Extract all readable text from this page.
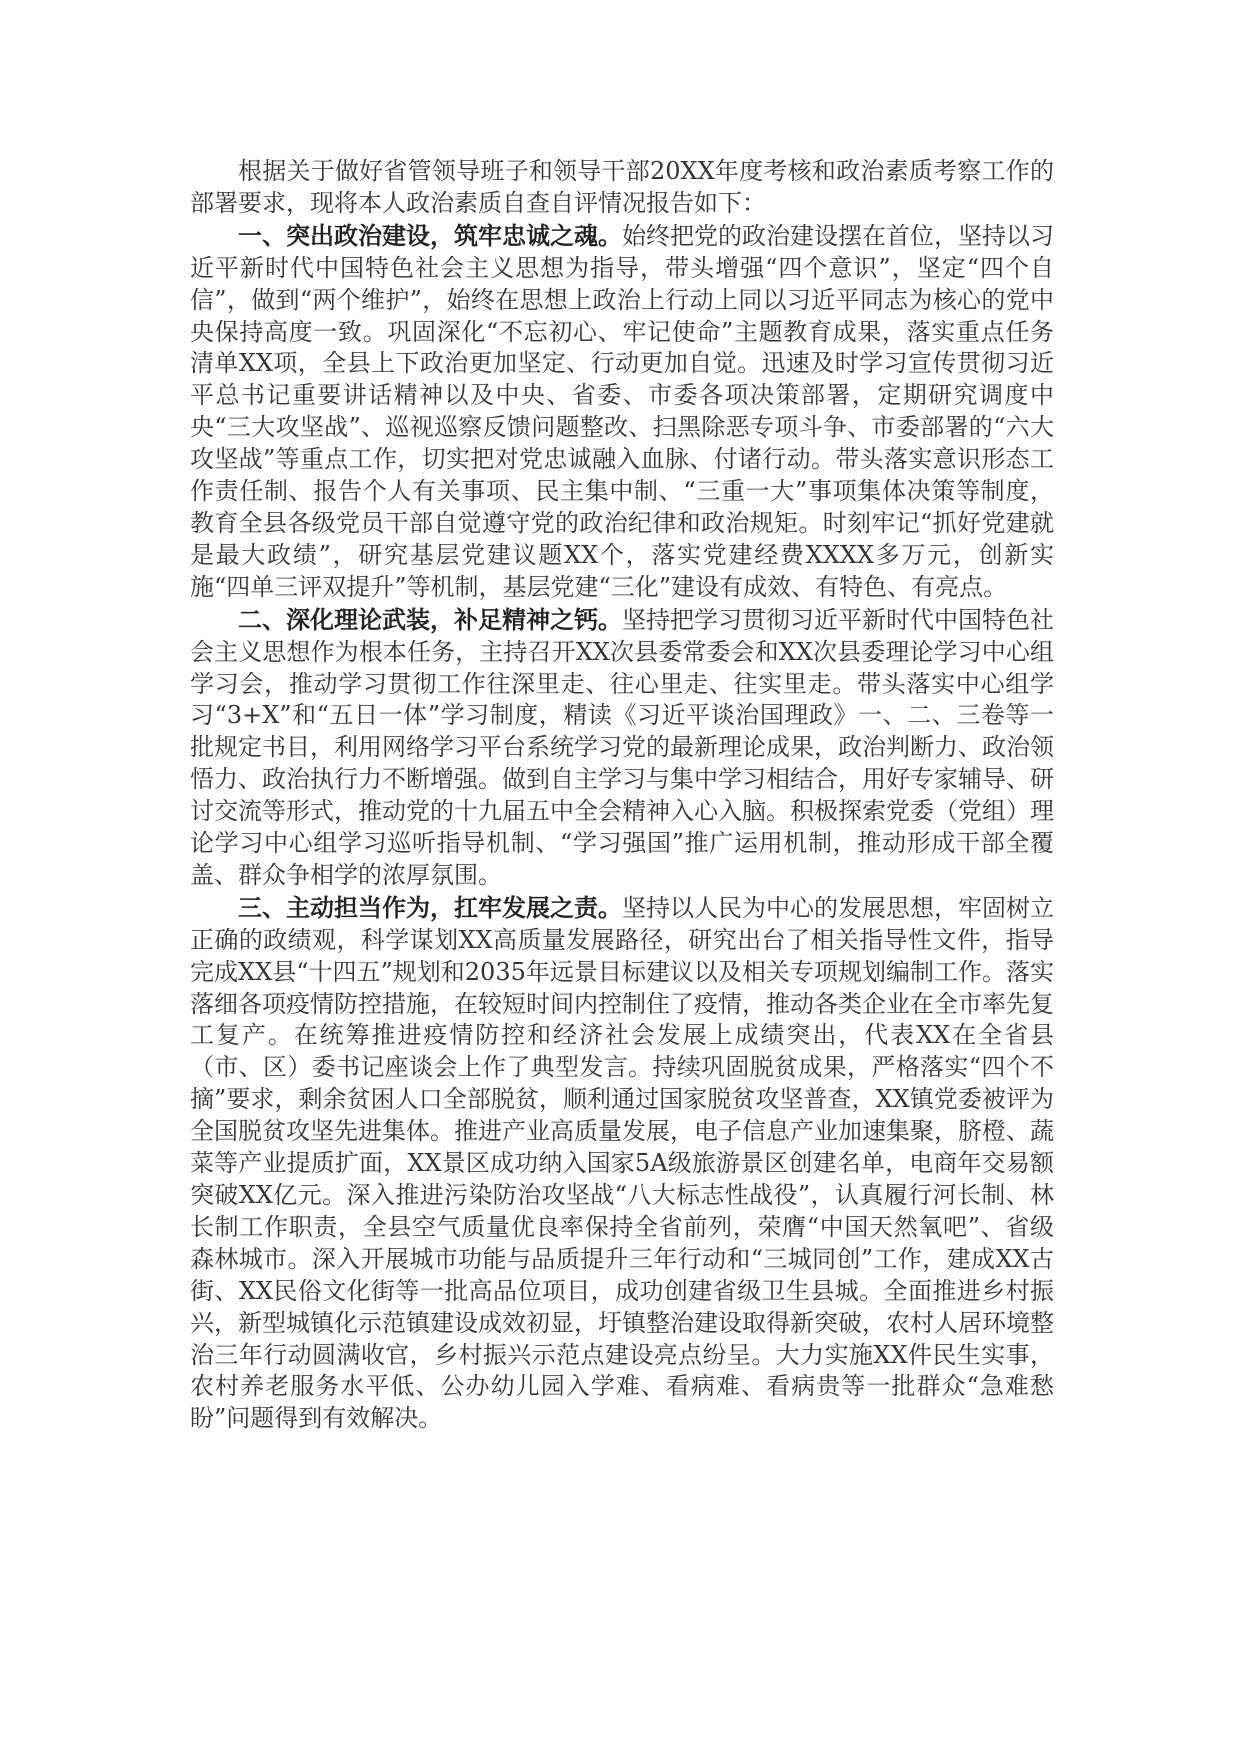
根据关于做好省管领导班子和领导干部20XX年度考核和政治素质考察工作的部署要求，现将本人政治素质自查自评情况报告如下：

一、突出政治建设，筑牢忠诚之魂。始终把党的政治建设摆在首位，坚持以习近平新时代中国特色社会主义思想为指导，带头增强“四个意识”，坚定“四个自信”，做到“两个维护”，始终在思想上政治上行动上同以习近平同志为核心的党中央保持高度一致。巩固深化“不忘初心、牢记使命”主题教育成果，落实重点任务清单XX项，全县上下政治更加坚定、行动更加自觉。迅速及时学习宣传贯彻习近平总书记重要讲话精神以及中央、省委、市委各项决策部署，定期研究调度中央“三大攻坚战”、巡视巡察反馈问题整改、扫黑除恶专项斗争、市委部署的“六大攻坚战”等重点工作，切实把对党忠诚融入血脉、付诸行动。带头落实意识形态工作责任制、报告个人有关事项、民主集中制、“三重一大”事项集体决策等制度，教育全县各级党员干部自觉遵守党的政治纪律和政治规矩。时刻牢记“抓好党建就是最大政绩”，研究基层党建议题XX个，落实党建经费XXXX多万元，创新实施“四单三评双提升”等机制，基层党建“三化”建设有成效、有特色、有亮点。

二、深化理论武装，补足精神之钙。坚持把学习贯彻习近平新时代中国特色社会主义思想作为根本任务，主持召开XX次县委常委会和XX次县委理论学习中心组学习会，推动学习贯彻工作往深里走、往心里走、往实里走。带头落实中心组学习“3+X”和“五日一体”学习制度，精读《习近平谈治国理政》一、二、三卷等一批规定书目，利用网络学习平台系统学习党的最新理论成果，政治判断力、政治领悟力、政治执行力不断增强。做到自主学习与集中学习相结合，用好专家辅导、研讨交流等形式，推动党的十九届五中全会精神入心入脑。积极探索党委（党组）理论学习中心组学习巡听指导机制、“学习强国”推广运用机制，推动形成干部全覆盖、群众争相学的浓厚氛围。

三、主动担当作为，扛牢发展之责。坚持以人民为中心的发展思想，牢固树立正确的政绩观，科学谋划XX高质量发展路径，研究出台了相关指导性文件，指导完成XX县“十四五”规划和2035年远景目标建议以及相关专项规划编制工作。落实落细各项疫情防控措施，在较短时间内控制住了疫情，推动各类企业在全市率先复工复产。在统筹推进疫情防控和经济社会发展上成绩突出，代表XX在全省县（市、区）委书记座谈会上作了典型发言。持续巩固脱贫成果，严格落实“四个不摘”要求，剩余贫困人口全部脱贫，顺利通过国家脱贫攻坚普查，XX镇党委被评为全国脱贫攻坚先进集体。推进产业高质量发展，电子信息产业加速集聚，脐橙、蔬菜等产业提质扩面，XX景区成功纳入国家5A级旅游景区创建名单，电商年交易额突破XX亿元。深入推进污染防治攻坚战“八大标志性战役”，认真履行河长制、林长制工作职责，全县空气质量优良率保持全省前列，荣膺“中国天然氧吧”、省级森林城市。深入开展城市功能与品质提升三年行动和“三城同创”工作，建成XX古街、XX民俗文化街等一批高品位项目，成功创建省级卫生县城。全面推进乡村振兴，新型城镇化示范镇建设成效初显，圩镇整治建设取得新突破，农村人居环境整治三年行动圆满收官，乡村振兴示范点建设亮点纷呈。大力实施XX件民生实事，农村养老服务水平低、公办幼儿园入学难、看病难、看病贵等一批群众“急难愁盼”问题得到有效解决。
